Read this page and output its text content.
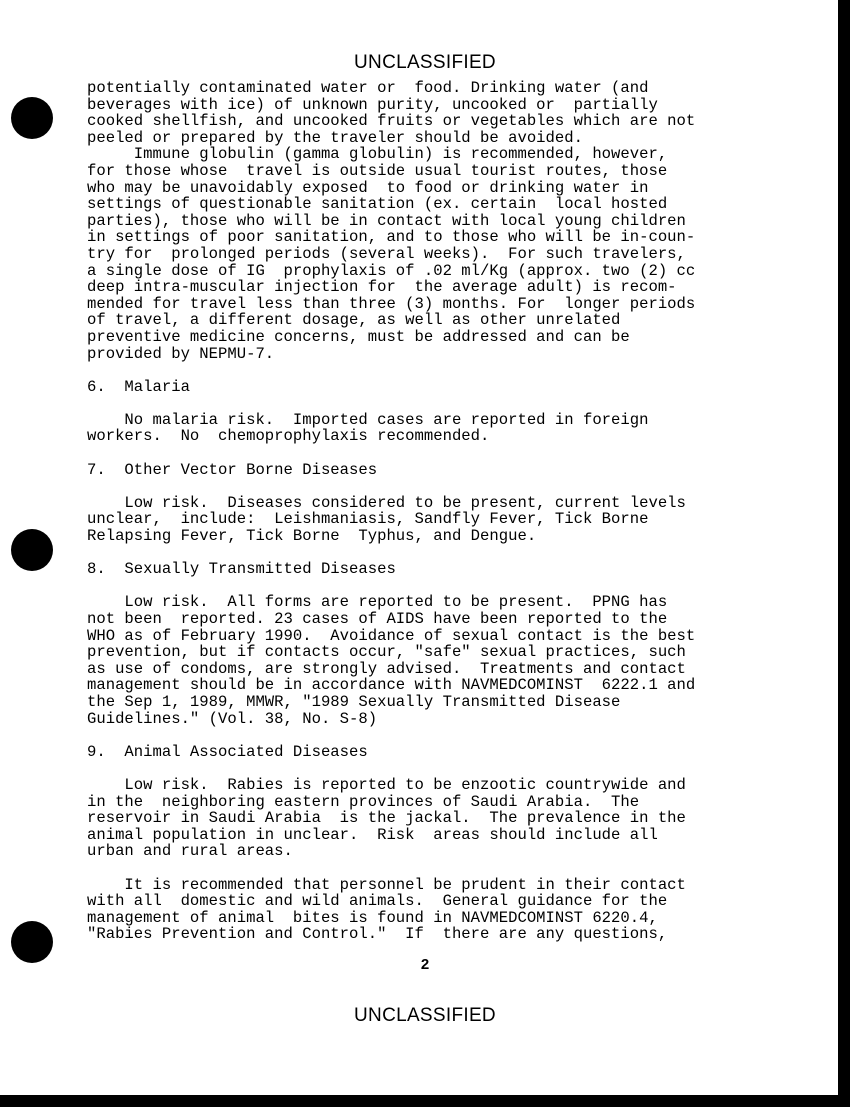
UNCLASSIFIED
potentially contaminated water or  food. Drinking water (and
beverages with ice) of unknown purity, uncooked or  partially
cooked shellfish, and uncooked fruits or vegetables which are not
peeled or prepared by the traveler should be avoided.
Immune globulin (gamma globulin) is recommended, however,
for those whose  travel is outside usual tourist routes, those
who may be unavoidably exposed  to food or drinking water in
settings of questionable sanitation (ex. certain  local hosted
parties), those who will be in contact with local young children
in settings of poor sanitation, and to those who will be in-coun-
try for  prolonged periods (several weeks).  For such travelers,
a single dose of IG  prophylaxis of .02 ml/Kg (approx. two (2) cc
deep intra-muscular injection for  the average adult) is recom-
mended for travel less than three (3) months. For  longer periods
of travel, a different dosage, as well as other unrelated
preventive medicine concerns, must be addressed and can be
provided by NEPMU-7.
6.  Malaria
No malaria risk.  Imported cases are reported in foreign
workers.  No  chemoprophylaxis recommended.
7.  Other Vector Borne Diseases
Low risk.  Diseases considered to be present, current levels
unclear,  include:  Leishmaniasis, Sandfly Fever, Tick Borne
Relapsing Fever, Tick Borne  Typhus, and Dengue.
8.  Sexually Transmitted Diseases
Low risk.  All forms are reported to be present.  PPNG has
not been  reported. 23 cases of AIDS have been reported to the
WHO as of February 1990.  Avoidance of sexual contact is the best
prevention, but if contacts occur, "safe" sexual practices, such
as use of condoms, are strongly advised.  Treatments and contact
management should be in accordance with NAVMEDCOMINST  6222.1 and
the Sep 1, 1989, MMWR, "1989 Sexually Transmitted Disease
Guidelines." (Vol. 38, No. S-8)
9.  Animal Associated Diseases
Low risk.  Rabies is reported to be enzootic countrywide and
in the  neighboring eastern provinces of Saudi Arabia.  The
reservoir in Saudi Arabia  is the jackal.  The prevalence in the
animal population in unclear.  Risk  areas should include all
urban and rural areas.
It is recommended that personnel be prudent in their contact
with all  domestic and wild animals.  General guidance for the
management of animal  bites is found in NAVMEDCOMINST 6220.4,
"Rabies Prevention and Control."  If  there are any questions,
2
UNCLASSIFIED
